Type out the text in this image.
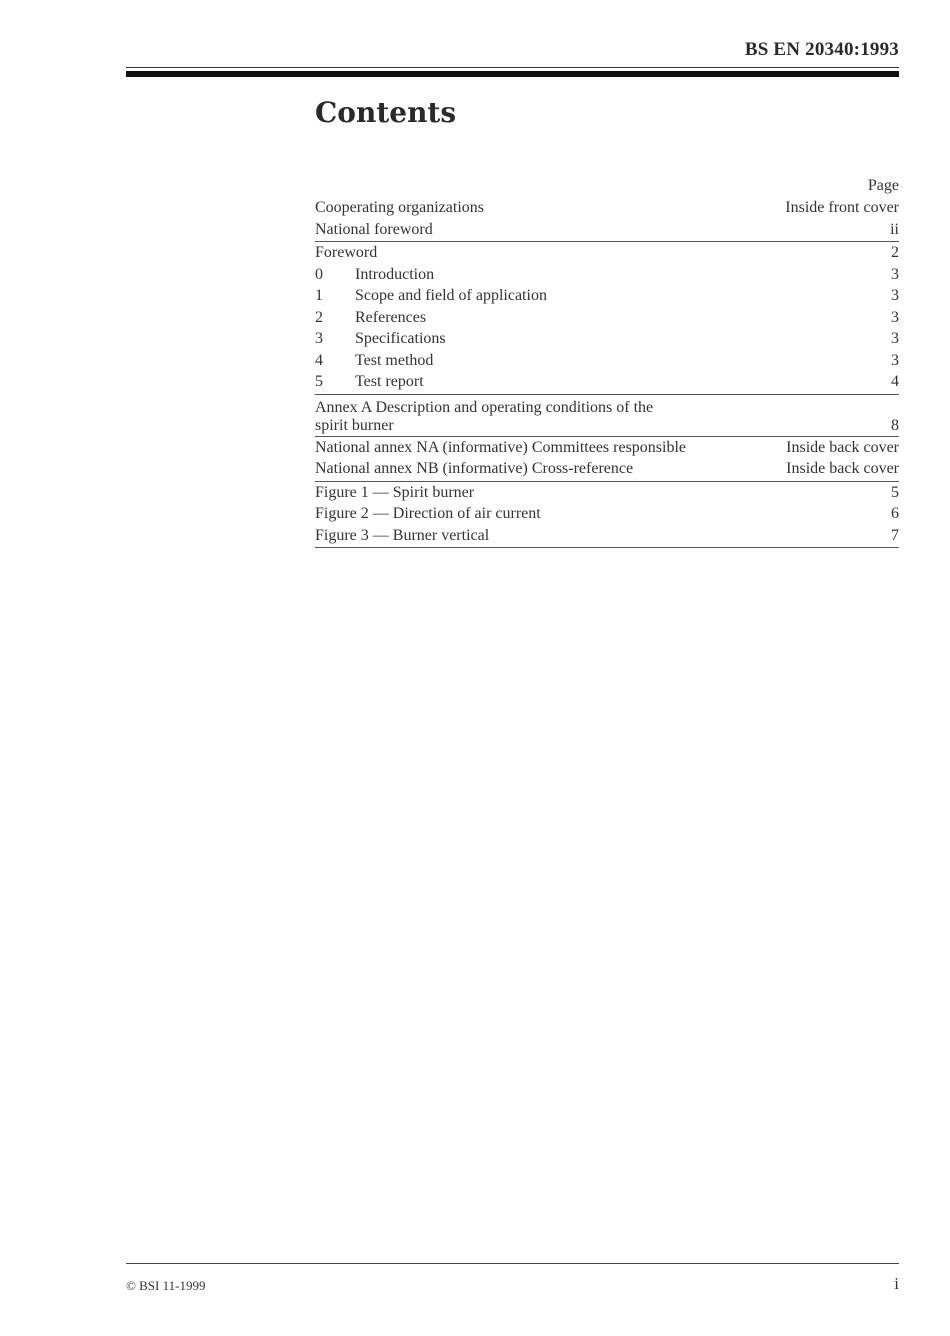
BS EN 20340:1993
Contents
Page
Cooperating organizations	Inside front cover
National foreword	ii
Foreword	2
0	Introduction	3
1	Scope and field of application	3
2	References	3
3	Specifications	3
4	Test method	3
5	Test report	4
Annex A Description and operating conditions of the
spirit burner	8
National annex NA (informative) Committees responsible	Inside back cover
National annex NB (informative) Cross-reference	Inside back cover
Figure 1 — Spirit burner	5
Figure 2 — Direction of air current	6
Figure 3 — Burner vertical	7
© BSI 11-1999	i
